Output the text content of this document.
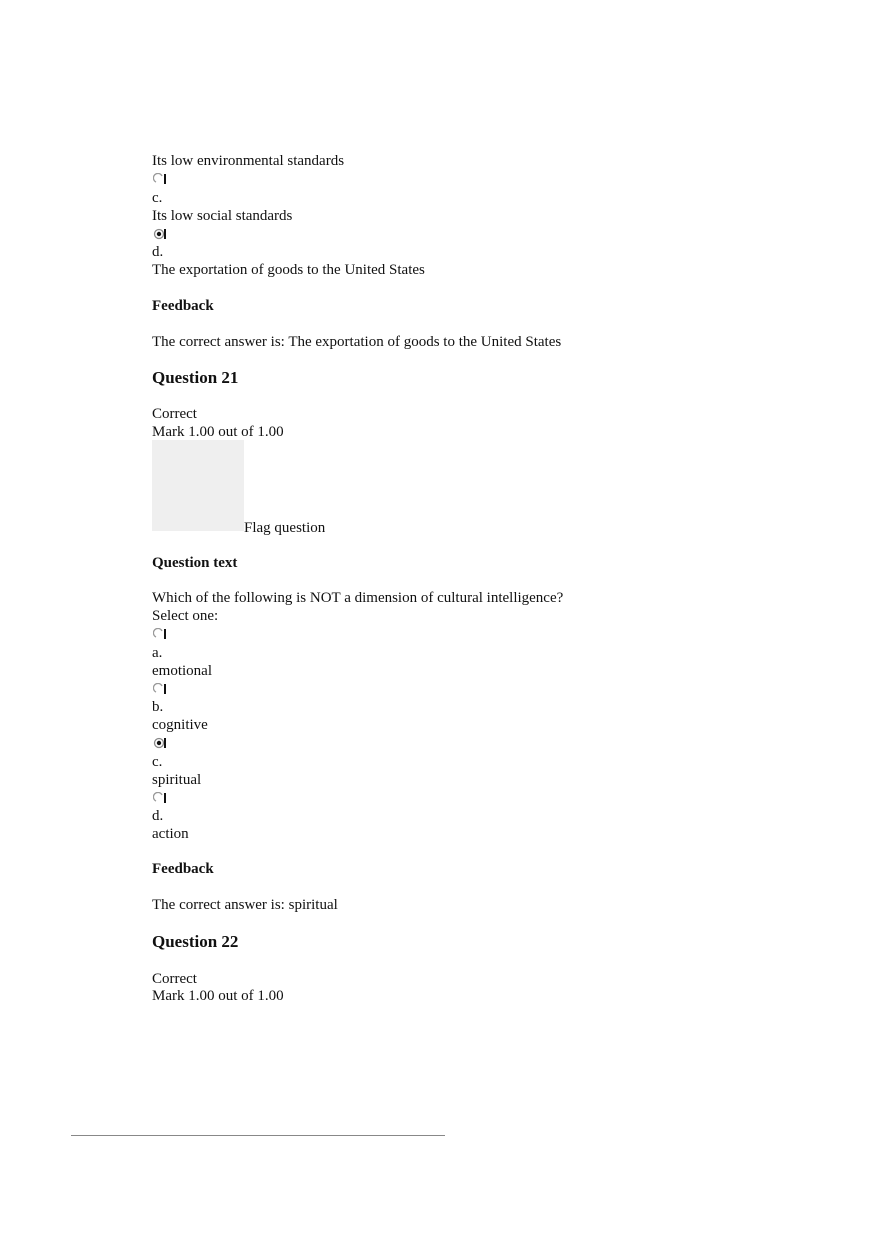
Its low environmental standards
c.
Its low social standards
d.
The exportation of goods to the United States
Feedback
The correct answer is: The exportation of goods to the United States
Question 21
Correct
Mark 1.00 out of 1.00
Flag question
Question text
Which of the following is NOT a dimension of cultural intelligence?
Select one:
a.
emotional
b.
cognitive
c.
spiritual
d.
action
Feedback
The correct answer is: spiritual
Question 22
Correct
Mark 1.00 out of 1.00
